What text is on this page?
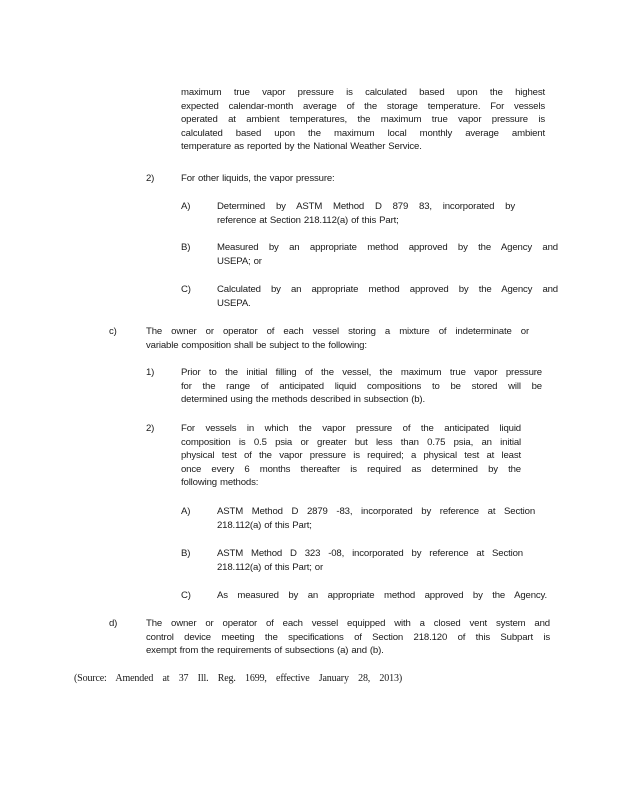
maximum true vapor pressure is calculated based upon the highest
expected calendar-month average of the storage temperature. For vessels
operated at ambient temperatures, the maximum true vapor pressure is
calculated based upon the maximum local monthly average ambient
temperature as reported by the National Weather Service.
2)	For other liquids, the vapor pressure:
A)	Determined by ASTM Method D 879 83, incorporated by
reference at Section 218.112(a) of this Part;
B)	Measured by an appropriate method approved by the Agency and
USEPA; or
C)	Calculated by an appropriate method approved by the Agency and
USEPA.
c)	The owner or operator of each vessel storing a mixture of indeterminate or
variable composition shall be subject to the following:
1)	Prior to the initial filling of the vessel, the maximum true vapor pressure
for the range of anticipated liquid compositions to be stored will be
determined using the methods described in subsection (b).
2)	For vessels in which the vapor pressure of the anticipated liquid
composition is 0.5 psia or greater but less than 0.75 psia, an initial
physical test of the vapor pressure is required; a physical test at least
once every 6 months thereafter is required as determined by the
following methods:
A)	ASTM Method D 2879 -83, incorporated by reference at Section
218.112(a) of this Part;
B)	ASTM Method D 323 -08, incorporated by reference at Section
218.112(a) of this Part; or
C)	As measured by an appropriate method approved by the Agency.
d)	The owner or operator of each vessel equipped with a closed vent system and
control device meeting the specifications of Section 218.120 of this Subpart is
exempt from the requirements of subsections (a) and (b).
(Source: Amended at 37 Ill. Reg. 1699, effective January 28, 2013)
